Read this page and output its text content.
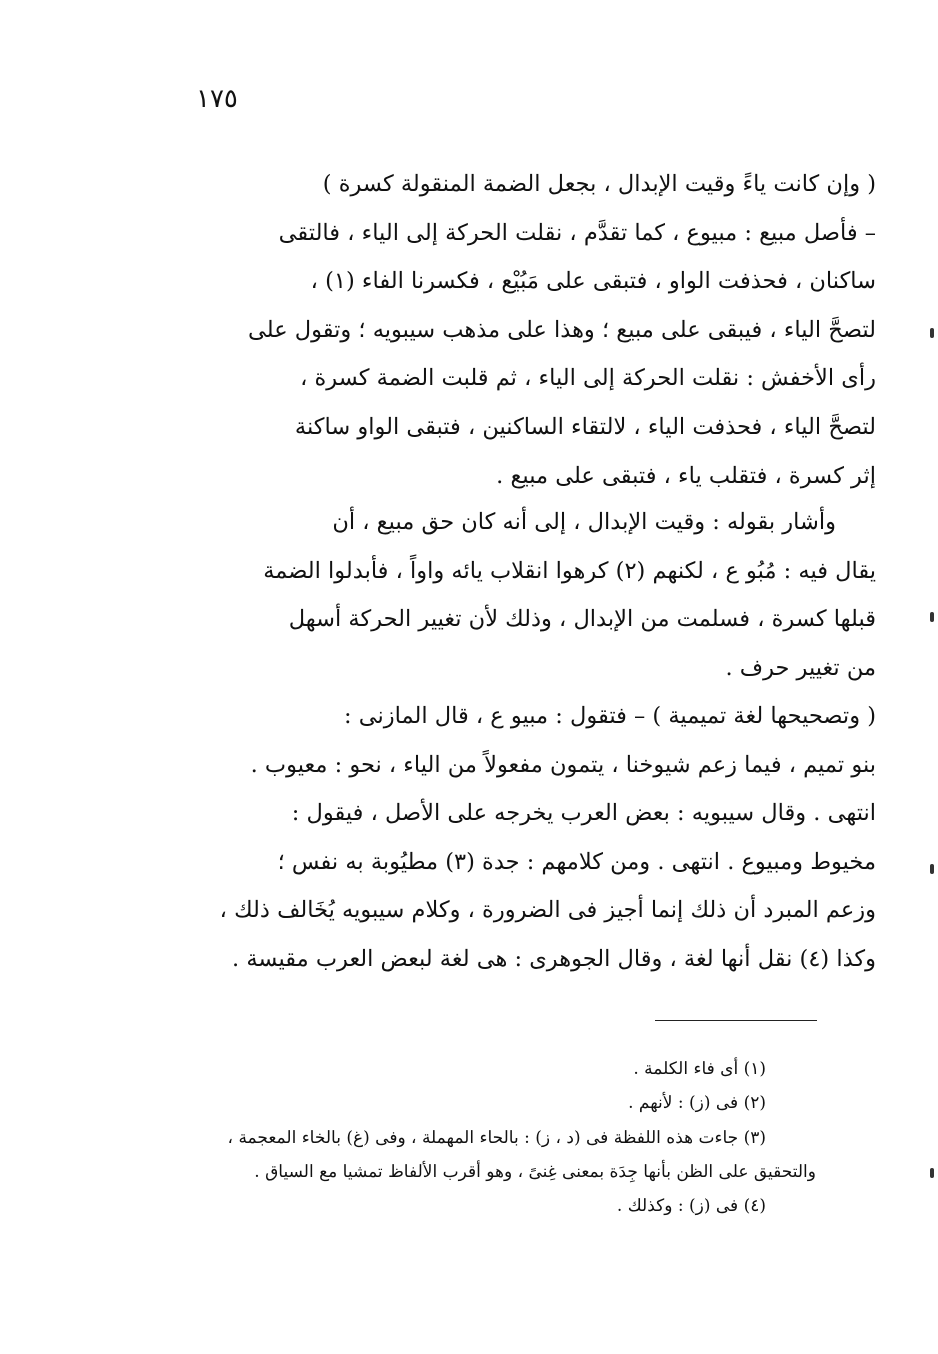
١٧٥

( وإن كانت ياءً وقيت الإبدال ، بجعل الضمة المنقولة كسرة )

– فأصل مبيع : مبيوع ، كما تقدَّم ، نقلت الحركة إلى الياء ، فالتقى

ساكنان ، فحذفت الواو ، فتبقى على مَبُيْع ، فكسرنا الفاء (١) ،

لتصحَّ الياء ، فيبقى على مبيع ؛ وهذا على مذهب سيبويه ؛ وتقول على

رأى الأخفش : نقلت الحركة إلى الياء ، ثم قلبت الضمة كسرة ،

لتصحَّ الياء ، فحذفت الياء ، لالتقاء الساكنين ، فتبقى الواو ساكنة

إثر كسرة ، فتقلب ياء ، فتبقى على مبيع .

وأشار بقوله : وقيت الإبدال ، إلى أنه كان حق مبيع ، أن

يقال فيه : مُبُو ع ، لكنهم (٢) كرهوا انقلاب يائه واواً ، فأبدلوا الضمة

قبلها كسرة ، فسلمت من الإبدال ، وذلك لأن تغيير الحركة أسهل

من تغيير حرف .

( وتصحيحها لغة تميمية ) – فتقول : مبيو ع ، قال المازنى :

بنو تميم ، فيما زعم شيوخنا ، يتمون مفعولاً من الياء ، نحو : معيوب .

انتهى . وقال سيبويه : بعض العرب يخرجه على الأصل ، فيقول :

مخيوط ومبيوع . انتهى . ومن كلامهم : جدة (٣) مطيُوبة به نفس ؛

وزعم المبرد أن ذلك إنما أجيز فى الضرورة ، وكلام سيبويه يُخَالف ذلك ،

وكذا (٤) نقل أنها لغة ، وقال الجوهرى : هى لغة لبعض العرب مقيسة .

(١) أى فاء الكلمة .

(٢) فى (ز) : لأنهم .

(٣) جاءت هذه اللفظة فى (د ، ز) : بالحاء المهملة ، وفى (غ) بالخاء المعجمة ،

والتحقيق على الظن بأنها جِدَة بمعنى غِنىً ، وهو أقرب الألفاظ تمشيا مع السياق .

(٤) فى (ز) : وكذلك .
